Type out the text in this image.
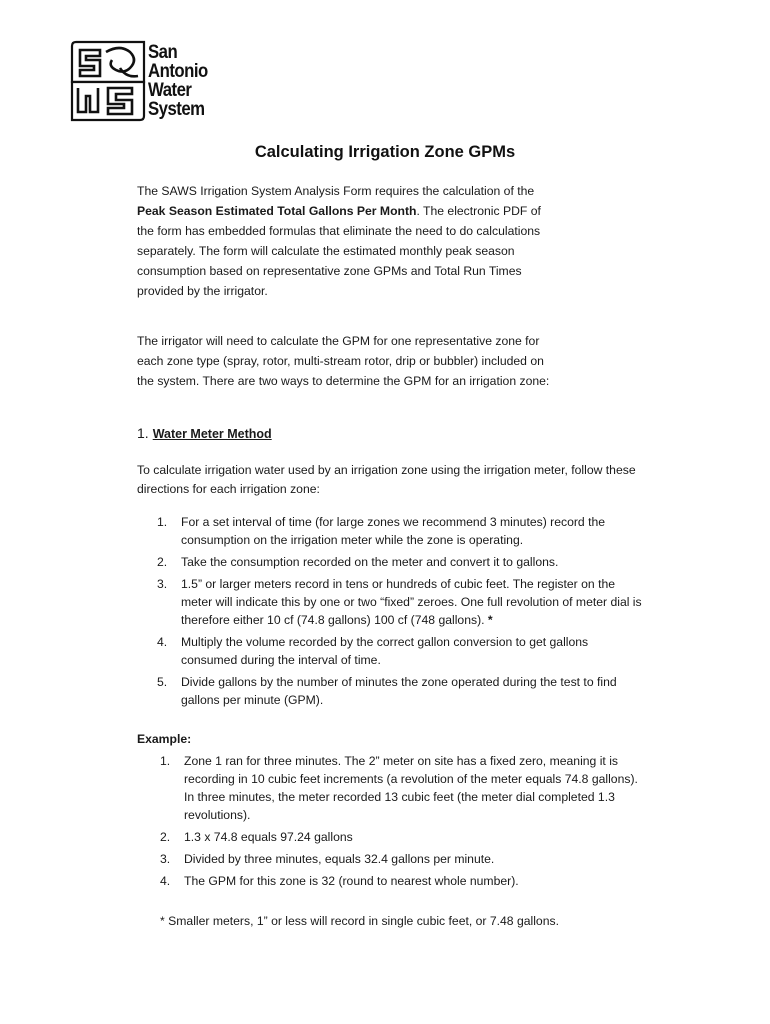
San
Antonio
Water
System
Calculating Irrigation Zone GPMs
The SAWS Irrigation System Analysis Form requires the calculation of the Peak Season Estimated Total Gallons Per Month. The electronic PDF of the form has embedded formulas that eliminate the need to do calculations separately. The form will calculate the estimated monthly peak season consumption based on representative zone GPMs and Total Run Times provided by the irrigator.
The irrigator will need to calculate the GPM for one representative zone for each zone type (spray, rotor, multi-stream rotor, drip or bubbler) included on the system. There are two ways to determine the GPM for an irrigation zone:
1. Water Meter Method
To calculate irrigation water used by an irrigation zone using the irrigation meter, follow these directions for each irrigation zone:
1. For a set interval of time (for large zones we recommend 3 minutes) record the consumption on the irrigation meter while the zone is operating.
2. Take the consumption recorded on the meter and convert it to gallons.
3. 1.5” or larger meters record in tens or hundreds of cubic feet. The register on the meter will indicate this by one or two “fixed” zeroes. One full revolution of meter dial is therefore either 10 cf (74.8 gallons) 100 cf (748 gallons). *
4. Multiply the volume recorded by the correct gallon conversion to get gallons consumed during the interval of time.
5. Divide gallons by the number of minutes the zone operated during the test to find gallons per minute (GPM).
Example:
1. Zone 1 ran for three minutes. The 2” meter on site has a fixed zero, meaning it is recording in 10 cubic feet increments (a revolution of the meter equals 74.8 gallons). In three minutes, the meter recorded 13 cubic feet (the meter dial completed 1.3 revolutions).
2. 1.3 x 74.8 equals 97.24 gallons
3. Divided by three minutes, equals 32.4 gallons per minute.
4. The GPM for this zone is 32 (round to nearest whole number).
* Smaller meters, 1” or less will record in single cubic feet, or 7.48 gallons.
